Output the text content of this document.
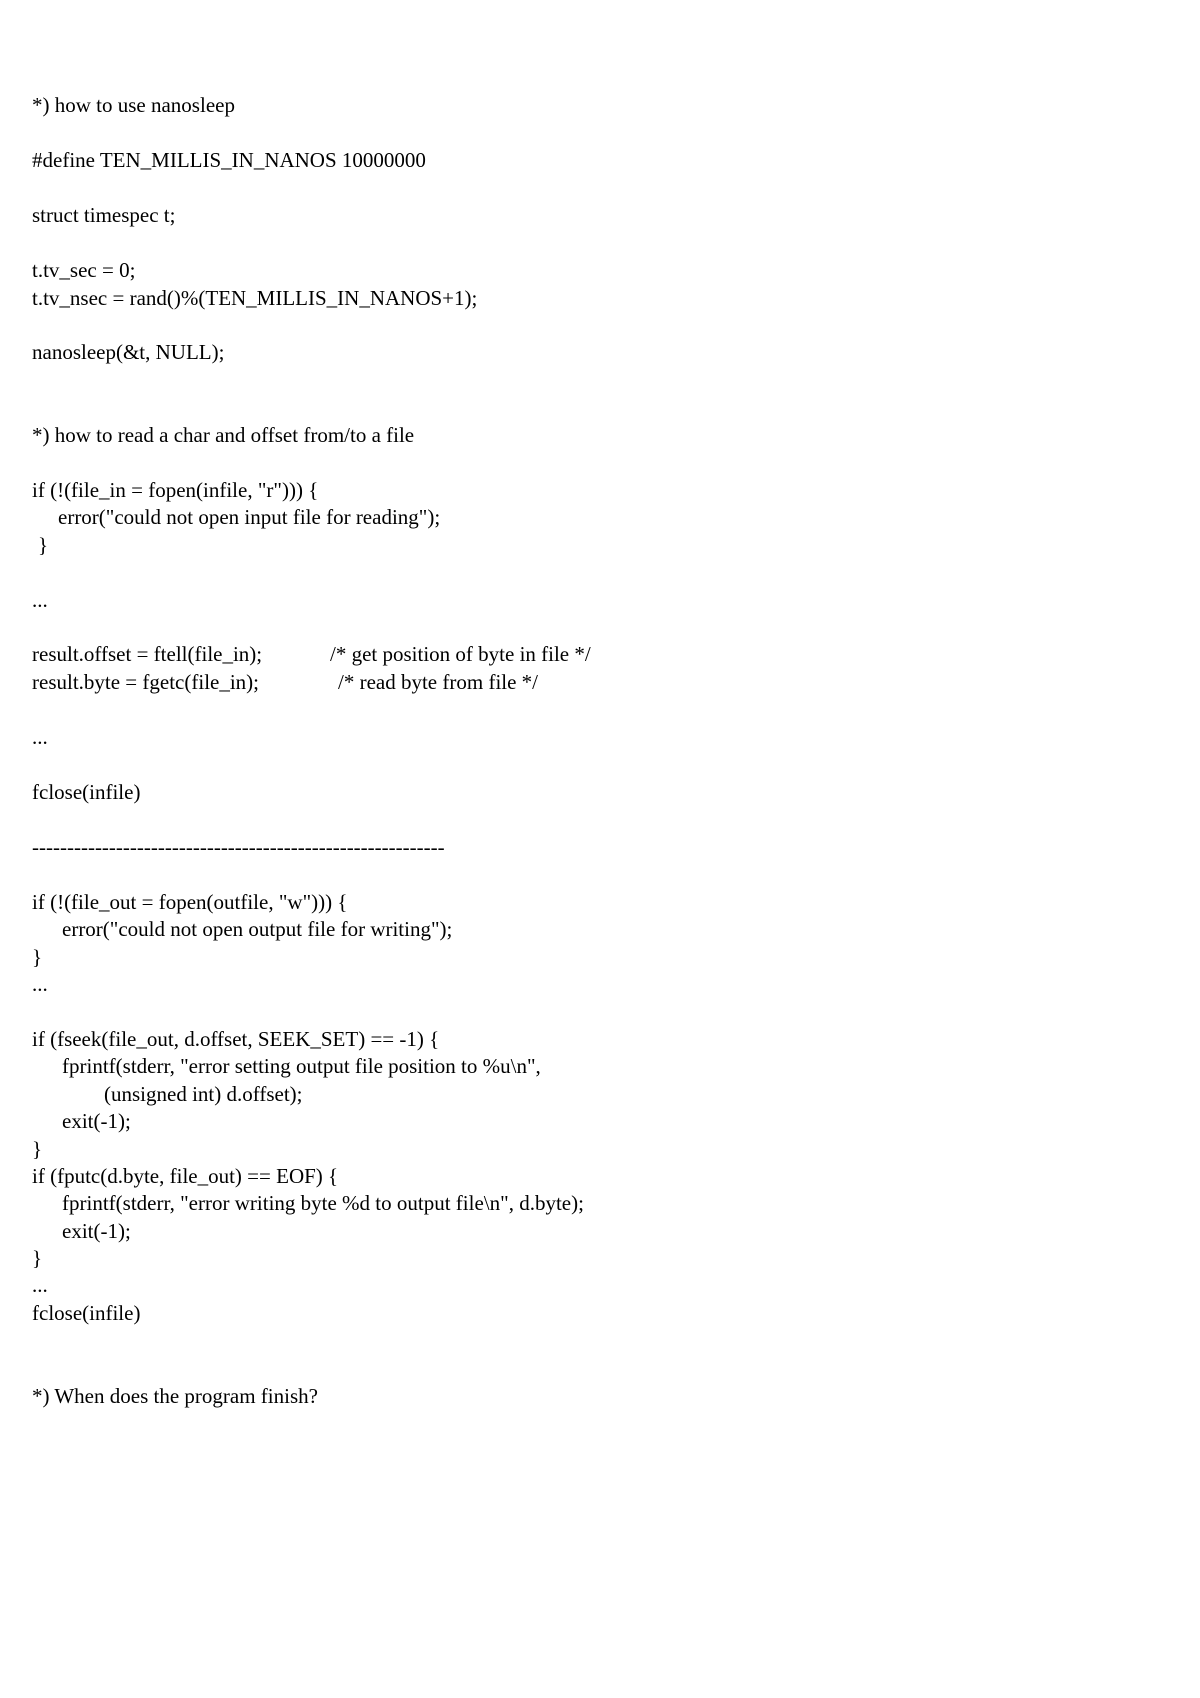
*) how to use nanosleep

#define TEN_MILLIS_IN_NANOS 10000000

struct timespec t;

t.tv_sec = 0;

t.tv_nsec = rand()%(TEN_MILLIS_IN_NANOS+1);

nanosleep(&t, NULL);

*) how to read a char and offset from/to a file

if (!(file_in = fopen(infile, "r"))) {

error("could not open input file for reading");

}

...

result.offset = ftell(file_in);	/* get position of byte in file */

result.byte = fgetc(file_in);	/* read byte from file */

...

fclose(infile)

-----------------------------------------------------------

if (!(file_out = fopen(outfile, "w"))) {

error("could not open output file for writing");

}

...

if (fseek(file_out, d.offset, SEEK_SET) == -1) {

fprintf(stderr, "error setting output file position to %u\n",

(unsigned int) d.offset);

exit(-1);

}

if (fputc(d.byte, file_out) == EOF) {

fprintf(stderr, "error writing byte %d to output file\n", d.byte);

exit(-1);

}

...

fclose(infile)

*) When does the program finish?
